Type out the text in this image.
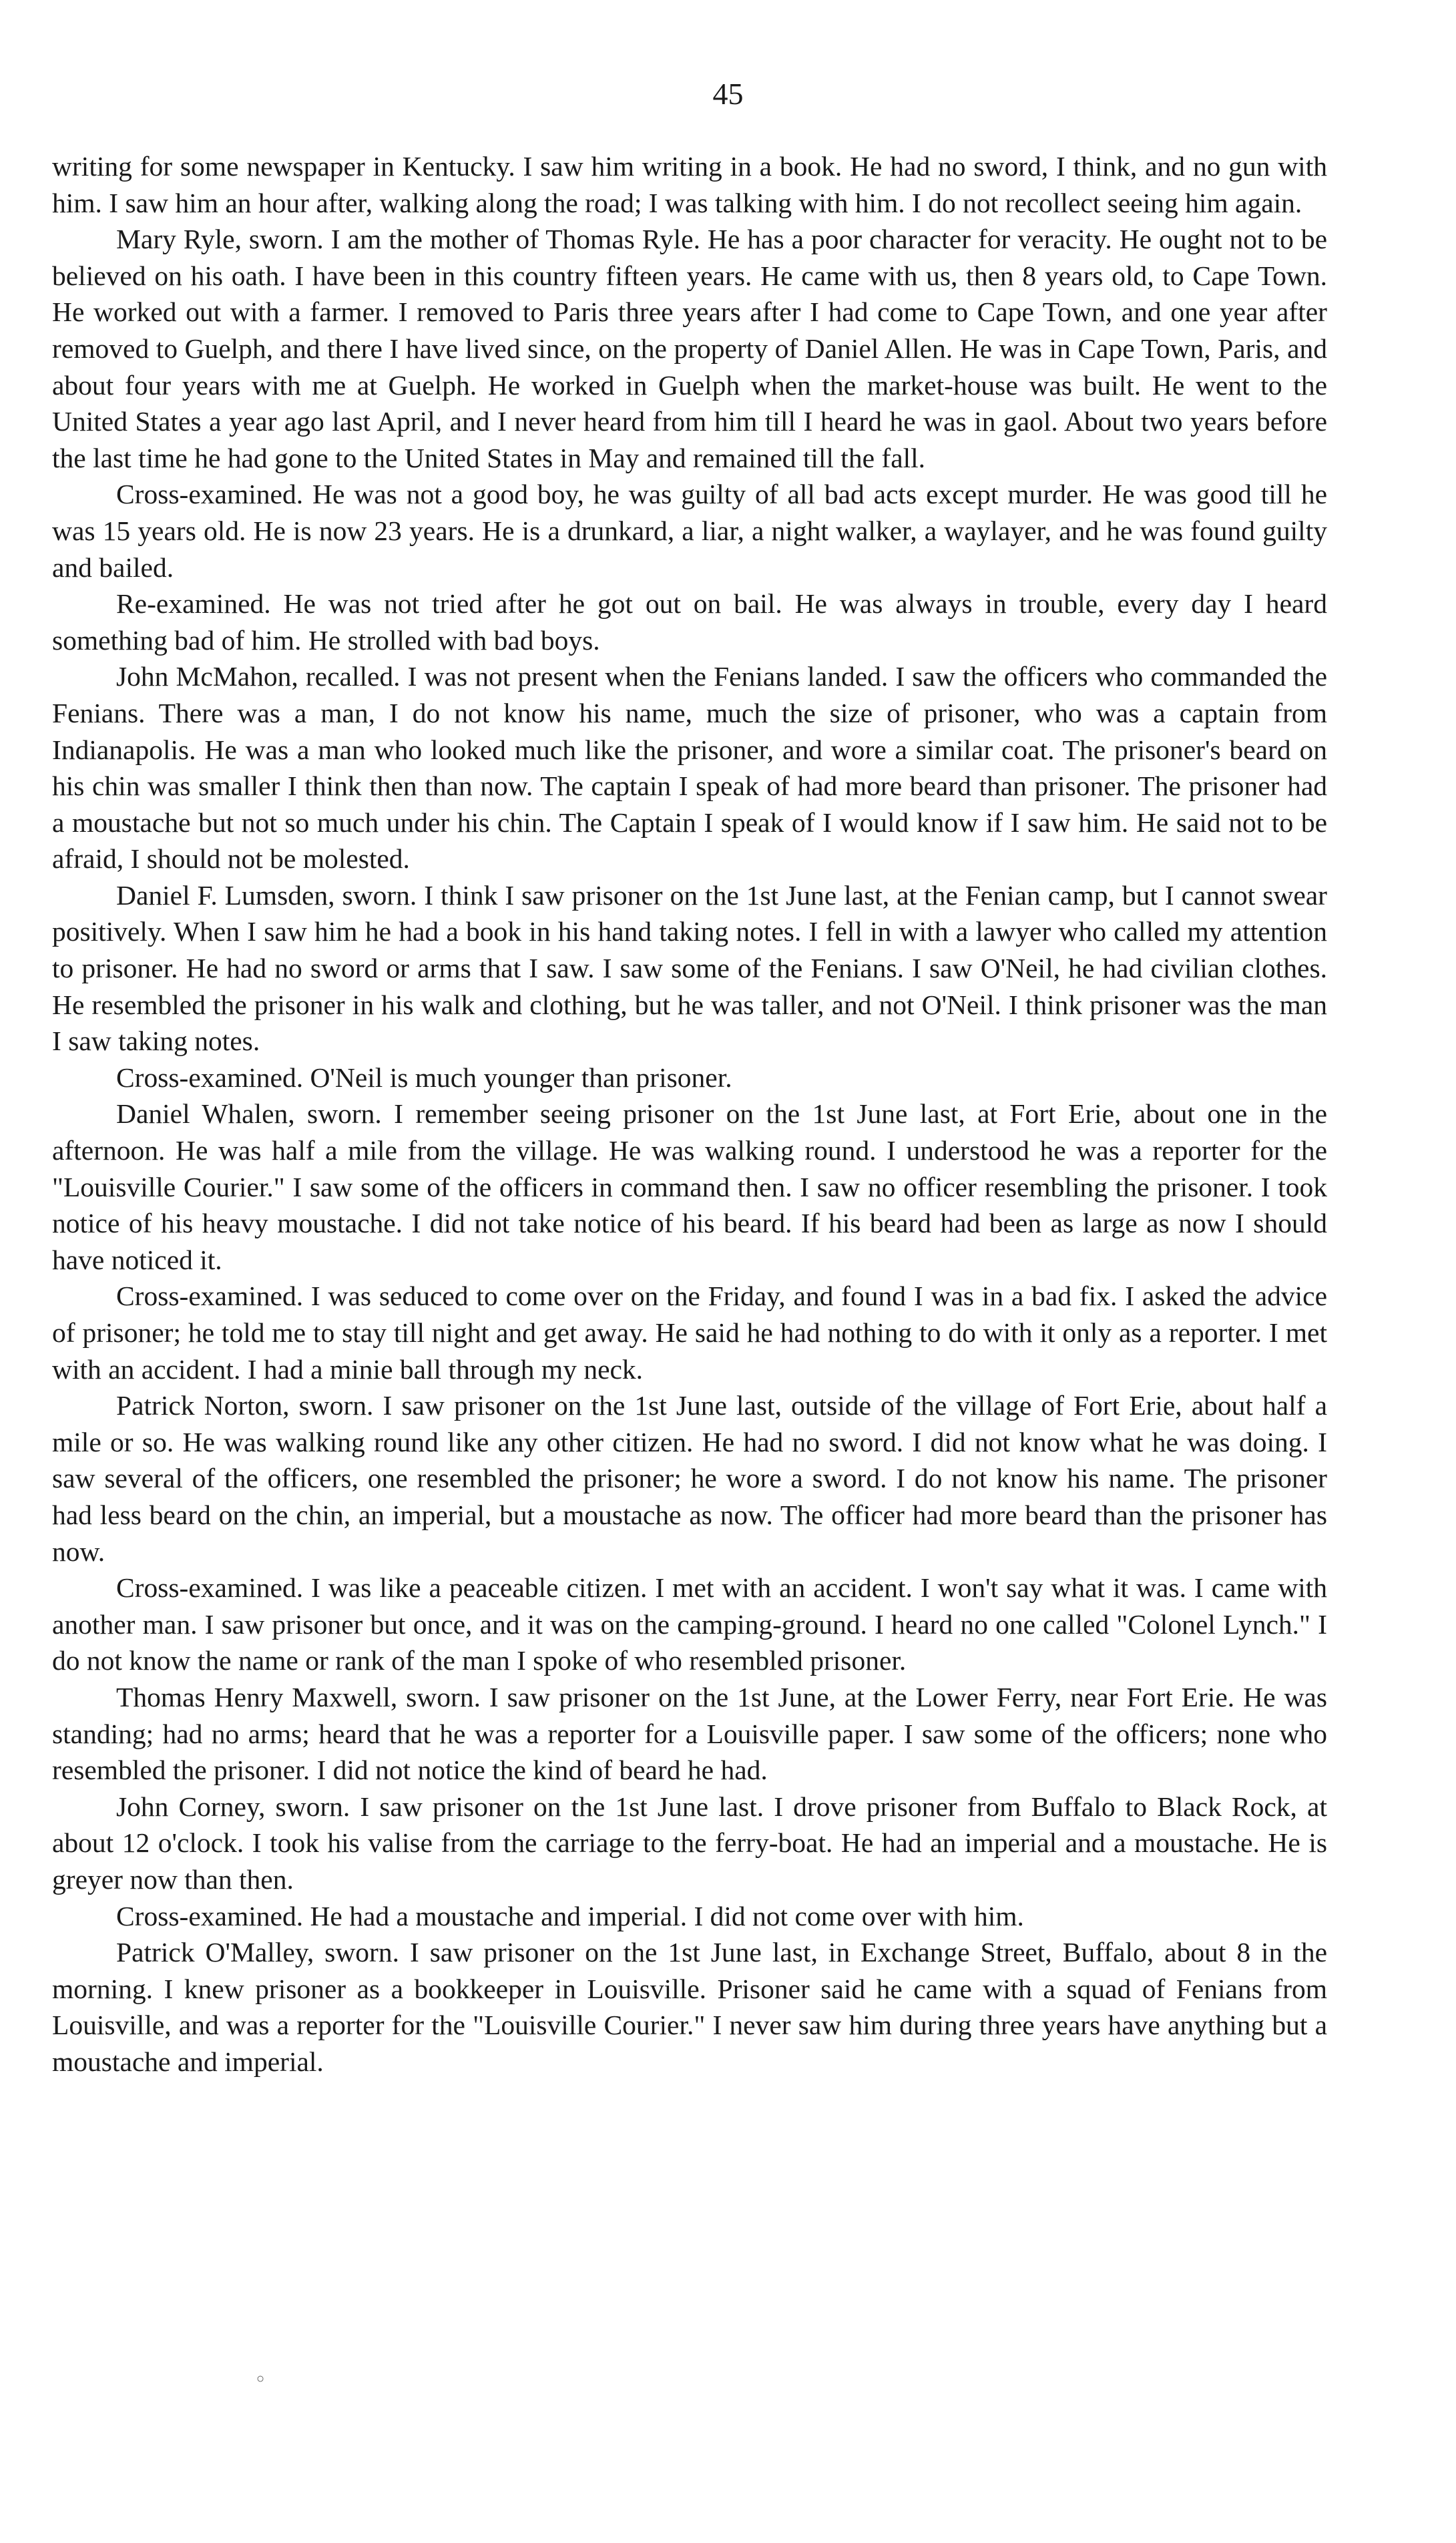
45

writing for some newspaper in Kentucky. I saw him writing in a book. He had no sword, I think, and no gun with him. I saw him an hour after, walking along the road; I was talking with him. I do not recollect seeing him again.

Mary Ryle, sworn. I am the mother of Thomas Ryle. He has a poor character for veracity. He ought not to be believed on his oath. I have been in this country fifteen years. He came with us, then 8 years old, to Cape Town. He worked out with a farmer. I removed to Paris three years after I had come to Cape Town, and one year after removed to Guelph, and there I have lived since, on the property of Daniel Allen. He was in Cape Town, Paris, and about four years with me at Guelph. He worked in Guelph when the market-house was built. He went to the United States a year ago last April, and I never heard from him till I heard he was in gaol. About two years before the last time he had gone to the United States in May and remained till the fall.

Cross-examined. He was not a good boy, he was guilty of all bad acts except murder. He was good till he was 15 years old. He is now 23 years. He is a drunkard, a liar, a night walker, a waylayer, and he was found guilty and bailed.

Re-examined. He was not tried after he got out on bail. He was always in trouble, every day I heard something bad of him. He strolled with bad boys.

John McMahon, recalled. I was not present when the Fenians landed. I saw the officers who commanded the Fenians. There was a man, I do not know his name, much the size of prisoner, who was a captain from Indianapolis. He was a man who looked much like the prisoner, and wore a similar coat. The prisoner's beard on his chin was smaller I think then than now. The captain I speak of had more beard than prisoner. The prisoner had a moustache but not so much under his chin. The Captain I speak of I would know if I saw him. He said not to be afraid, I should not be molested.

Daniel F. Lumsden, sworn. I think I saw prisoner on the 1st June last, at the Fenian camp, but I cannot swear positively. When I saw him he had a book in his hand taking notes. I fell in with a lawyer who called my attention to prisoner. He had no sword or arms that I saw. I saw some of the Fenians. I saw O'Neil, he had civilian clothes. He resembled the prisoner in his walk and clothing, but he was taller, and not O'Neil. I think prisoner was the man I saw taking notes.

Cross-examined. O'Neil is much younger than prisoner.

Daniel Whalen, sworn. I remember seeing prisoner on the 1st June last, at Fort Erie, about one in the afternoon. He was half a mile from the village. He was walking round. I understood he was a reporter for the "Louisville Courier." I saw some of the officers in command then. I saw no officer resembling the prisoner. I took notice of his heavy moustache. I did not take notice of his beard. If his beard had been as large as now I should have noticed it.

Cross-examined. I was seduced to come over on the Friday, and found I was in a bad fix. I asked the advice of prisoner; he told me to stay till night and get away. He said he had nothing to do with it only as a reporter. I met with an accident. I had a minie ball through my neck.

Patrick Norton, sworn. I saw prisoner on the 1st June last, outside of the village of Fort Erie, about half a mile or so. He was walking round like any other citizen. He had no sword. I did not know what he was doing. I saw several of the officers, one resembled the prisoner; he wore a sword. I do not know his name. The prisoner had less beard on the chin, an imperial, but a moustache as now. The officer had more beard than the prisoner has now.

Cross-examined. I was like a peaceable citizen. I met with an accident. I won't say what it was. I came with another man. I saw prisoner but once, and it was on the camping-ground. I heard no one called "Colonel Lynch." I do not know the name or rank of the man I spoke of who resembled prisoner.

Thomas Henry Maxwell, sworn. I saw prisoner on the 1st June, at the Lower Ferry, near Fort Erie. He was standing; had no arms; heard that he was a reporter for a Louisville paper. I saw some of the officers; none who resembled the prisoner. I did not notice the kind of beard he had.

John Corney, sworn. I saw prisoner on the 1st June last. I drove prisoner from Buffalo to Black Rock, at about 12 o'clock. I took his valise from the carriage to the ferry-boat. He had an imperial and a moustache. He is greyer now than then.

Cross-examined. He had a moustache and imperial. I did not come over with him.

Patrick O'Malley, sworn. I saw prisoner on the 1st June last, in Exchange Street, Buffalo, about 8 in the morning. I knew prisoner as a bookkeeper in Louisville. Prisoner said he came with a squad of Fenians from Louisville, and was a reporter for the "Louisville Courier." I never saw him during three years have anything but a moustache and imperial.

○
